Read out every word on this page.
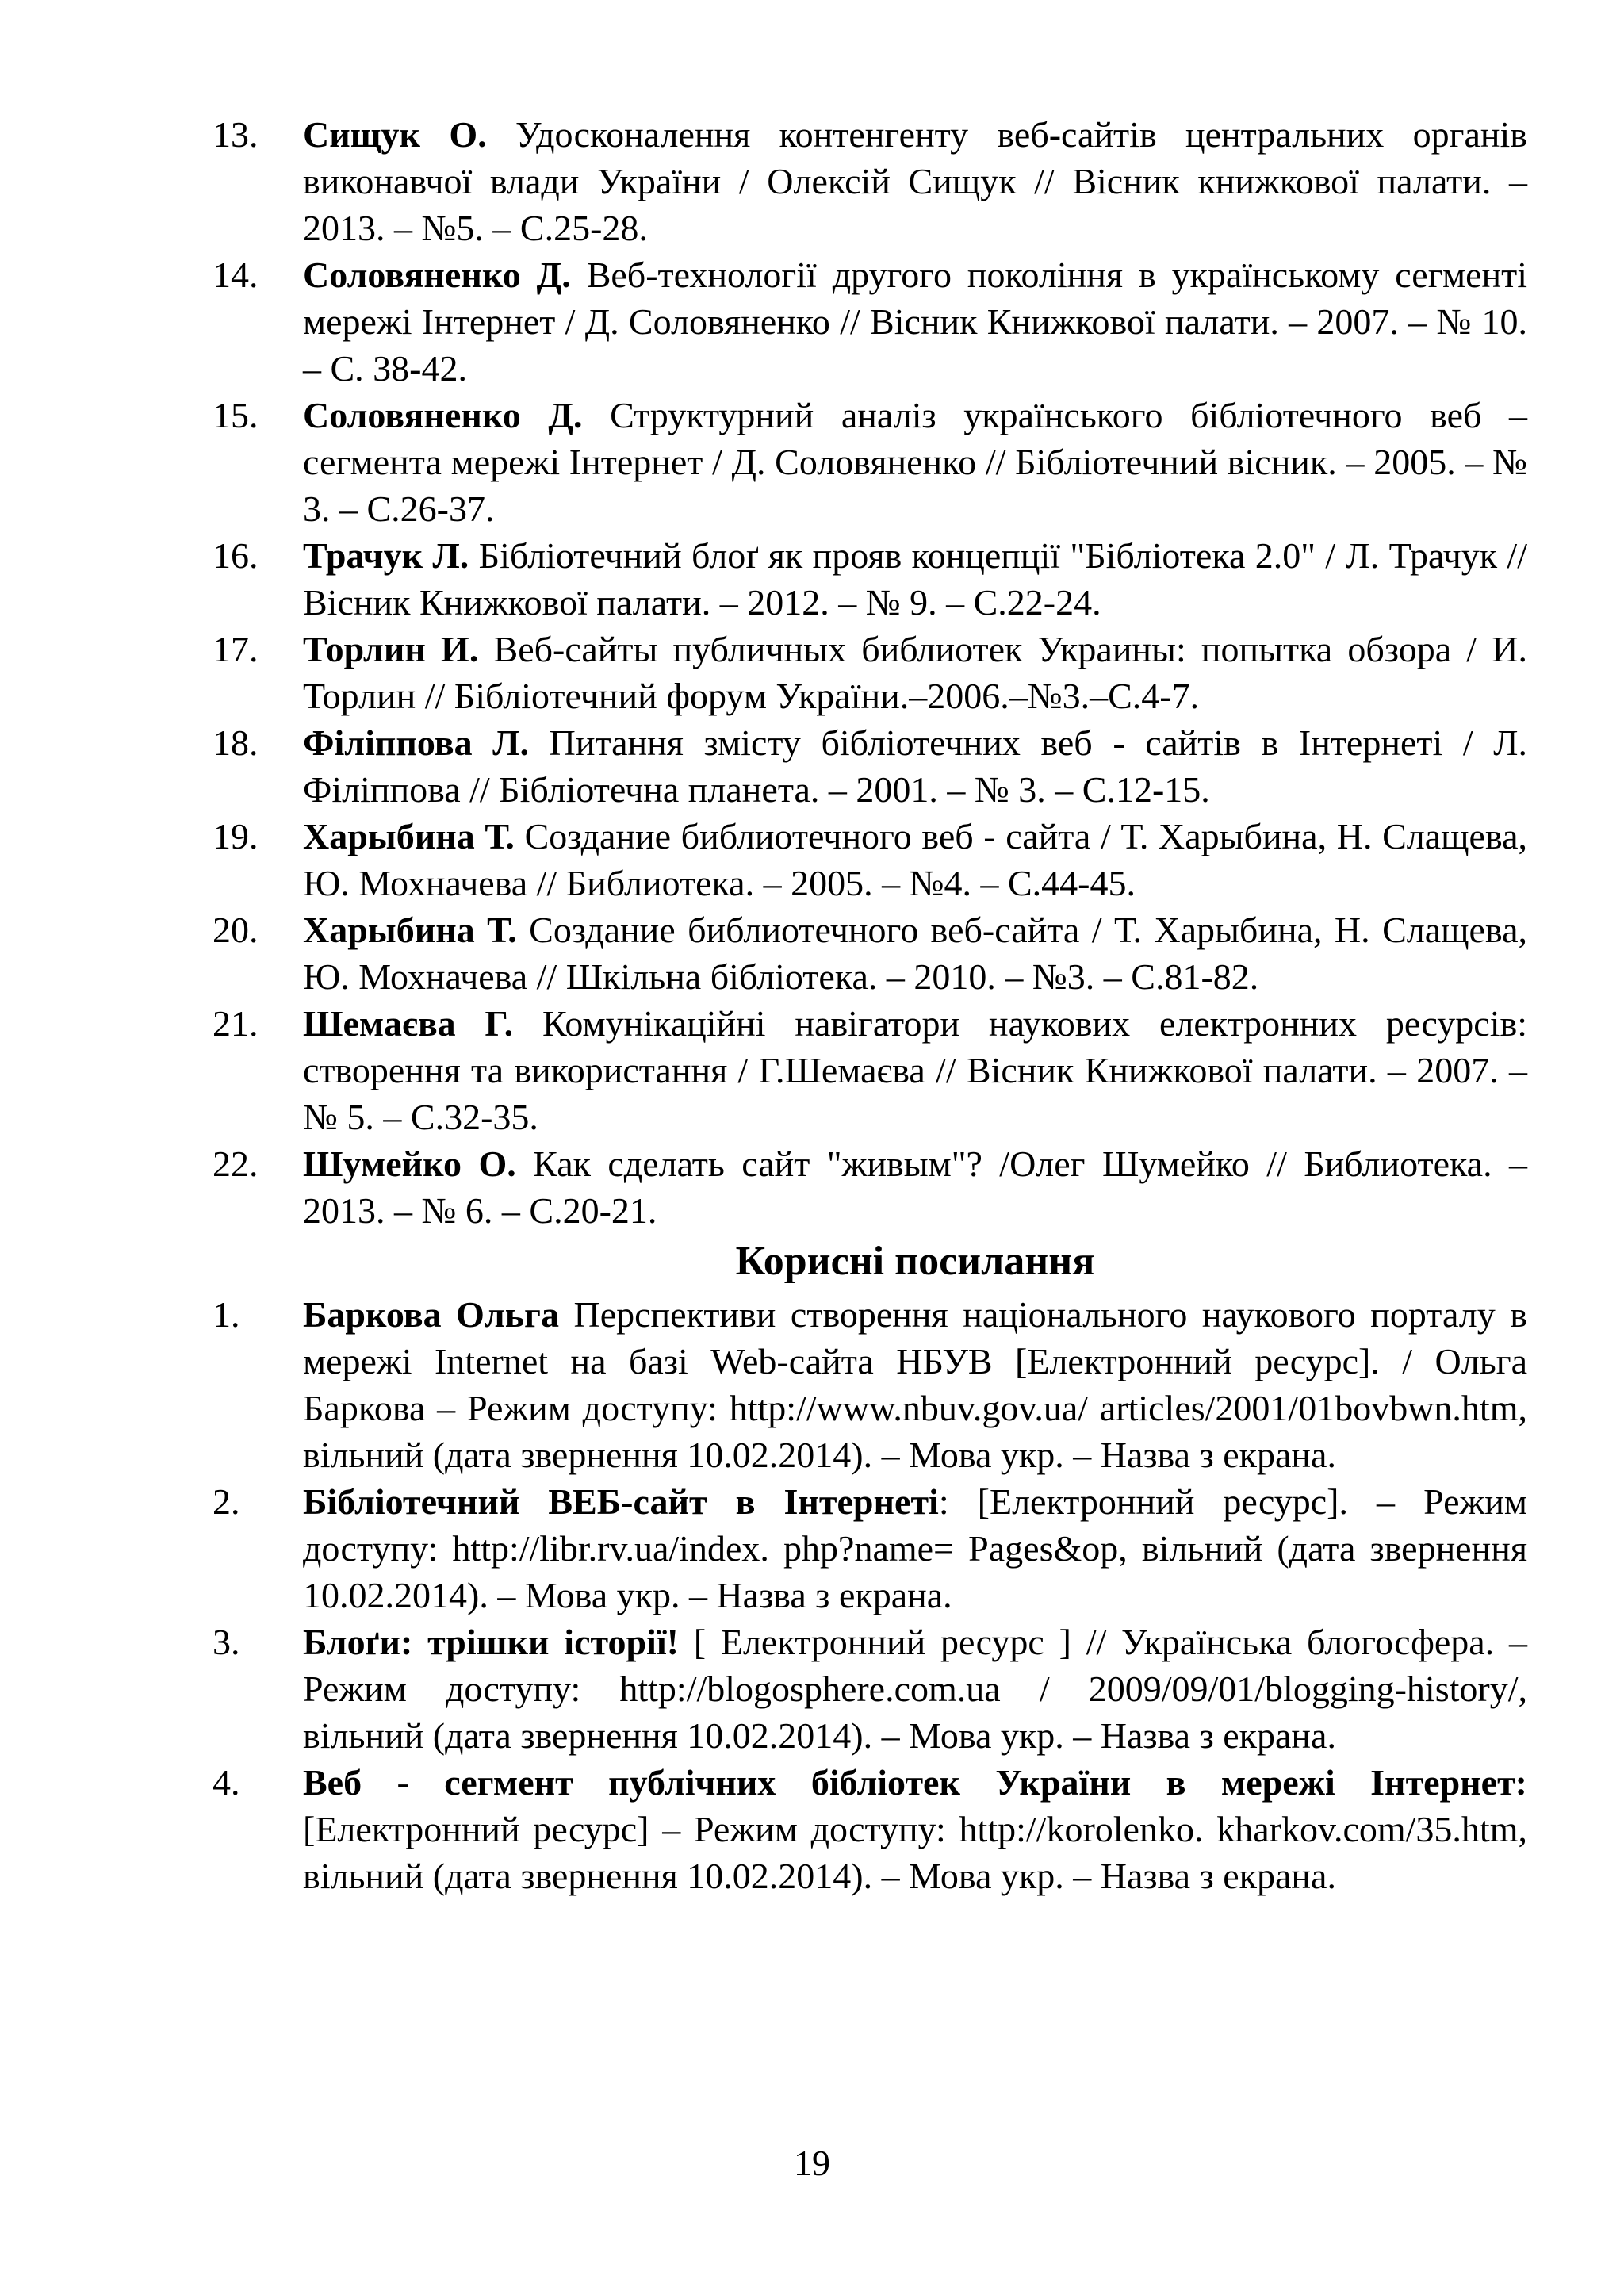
13. Сищук О. Удосконалення контенгенту веб-сайтів центральних органів виконавчої влади України / Олексій Сищук // Вісник книжкової палати. – 2013. – №5. – С.25-28.
14. Соловяненко Д. Веб-технології другого покоління в українському сегменті мережі Інтернет / Д. Соловяненко // Вісник Книжкової палати. – 2007. – № 10. – С. 38-42.
15. Соловяненко Д. Структурний аналіз українського бібліотечного веб – сегмента мережі Інтернет / Д. Соловяненко // Бібліотечний вісник. – 2005. – № 3. – С.26-37.
16. Трачук Л. Бібліотечний блоґ як прояв концепції "Бібліотека 2.0" / Л. Трачук // Вісник Книжкової палати. – 2012. – № 9. – С.22-24.
17. Торлин И. Веб-сайты публичных библиотек Украины: попытка обзора / И. Торлин // Бібліотечний форум України.–2006.–№3.–С.4-7.
18. Філіппова Л. Питання змісту бібліотечних веб - сайтів в Інтернеті / Л. Філіппова // Бібліотечна планета. – 2001. – № 3. – С.12-15.
19. Харыбина Т. Создание библиотечного веб - сайта / Т. Харыбина, Н. Слащева, Ю. Мохначева // Библиотека. – 2005. – №4. – С.44-45.
20. Харыбина Т. Создание библиотечного веб-сайта / Т. Харыбина, Н. Слащева, Ю. Мохначева // Шкільна бібліотека. – 2010. – №3. – С.81-82.
21. Шемаєва Г. Комунікаційні навігатори наукових електронних ресурсів: створення та використання / Г.Шемаєва // Вісник Книжкової палати. – 2007. – № 5. – С.32-35.
22. Шумейко О. Как сделать сайт "живым"? /Олег Шумейко // Библиотека. – 2013. – № 6. – С.20-21.
Корисні посилання
1. Баркова Ольга Перспективи створення національного наукового порталу в мережі Internet на базі Web-сайта НБУВ [Електронний ресурс]. / Ольга Баркова – Режим доступу: http://www.nbuv.gov.ua/ articles/2001/01bovbwn.htm, вільний (дата звернення 10.02.2014). – Мова укр. – Назва з екрана.
2. Бібліотечний ВЕБ-сайт в Інтернеті: [Електронний ресурс]. – Режим доступу: http://libr.rv.ua/index. php?name= Pages&op, вільний (дата звернення 10.02.2014). – Мова укр. – Назва з екрана.
3. Блоґи: трішки історії! [ Електронний ресурс ] // Українська блогосфера. – Режим доступу: http://blogosphere.com.ua / 2009/09/01/blogging-history/, вільний (дата звернення 10.02.2014). – Мова укр. – Назва з екрана.
4. Веб - сегмент публічних бібліотек України в мережі Інтернет: [Електронний ресурс] – Режим доступу: http://korolenko. kharkov.com/35.htm, вільний (дата звернення 10.02.2014). – Мова укр. – Назва з екрана.
19
